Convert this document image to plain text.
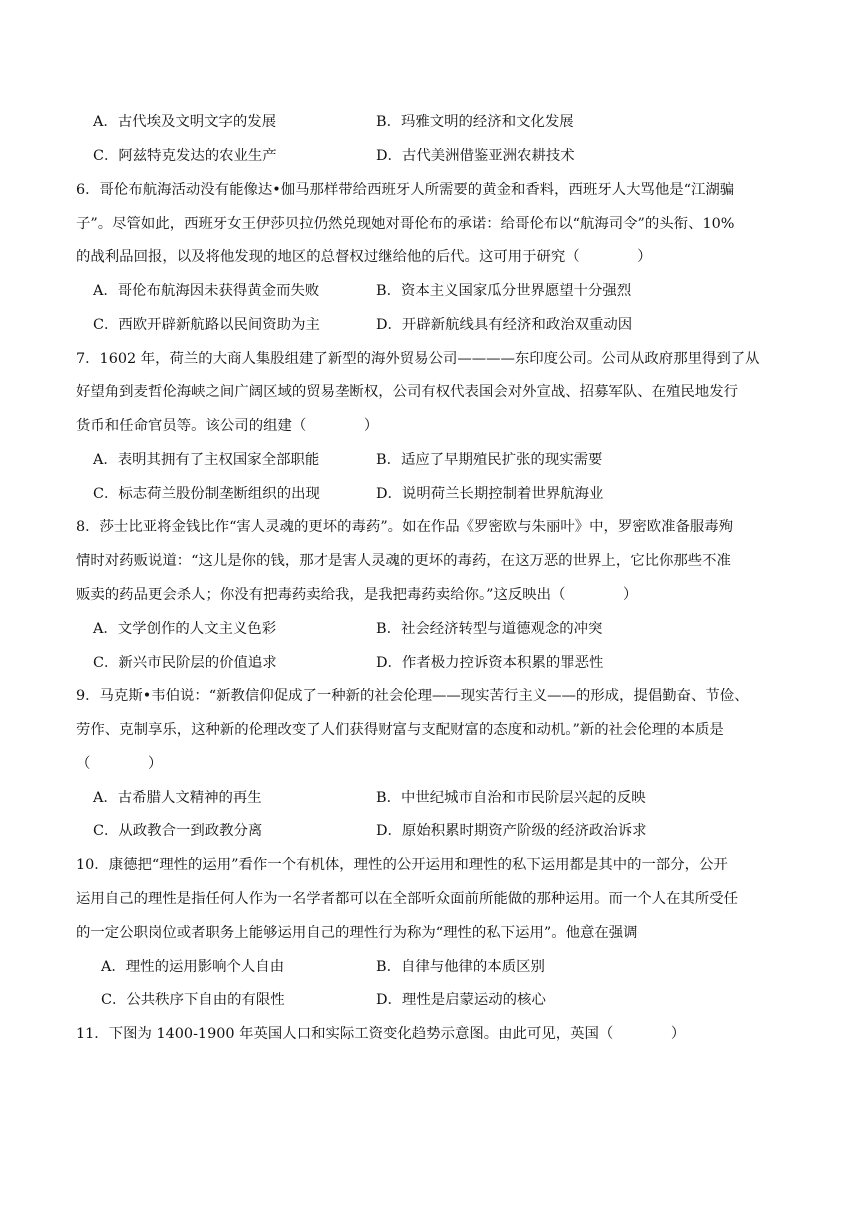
A．古代埃及文明文字的发展	B．玛雅文明的经济和文化发展
C．阿兹特克发达的农业生产	D．古代美洲借鉴亚洲农耕技术
6．哥伦布航海活动没有能像达•伽马那样带给西班牙人所需要的黄金和香料，西班牙人大骂他是“江湖骗
子”。尽管如此，西班牙女王伊莎贝拉仍然兑现她对哥伦布的承诺：给哥伦布以“航海司令”的头衔、10%
的战利品回报，以及将他发现的地区的总督权过继给他的后代。这可用于研究（　　　　）
A．哥伦布航海因未获得黄金而失败	B．资本主义国家瓜分世界愿望十分强烈
C．西欧开辟新航路以民间资助为主	D．开辟新航线具有经济和政治双重动因
7．1602 年，荷兰的大商人集股组建了新型的海外贸易公司————东印度公司。公司从政府那里得到了从
好望角到麦哲伦海峡之间广阔区域的贸易垄断权，公司有权代表国会对外宣战、招募军队、在殖民地发行
货币和任命官员等。该公司的组建（　　　　）
A．表明其拥有了主权国家全部职能	B．适应了早期殖民扩张的现实需要
C．标志荷兰股份制垄断组织的出现	D．说明荷兰长期控制着世界航海业
8．莎士比亚将金钱比作“害人灵魂的更坏的毒药”。如在作品《罗密欧与朱丽叶》中，罗密欧准备服毒殉
情时对药贩说道：“这儿是你的钱，那才是害人灵魂的更坏的毒药，在这万恶的世界上，它比你那些不准
贩卖的药品更会杀人；你没有把毒药卖给我，是我把毒药卖给你。”这反映出（　　　　）
A．文学创作的人文主义色彩	B．社会经济转型与道德观念的冲突
C．新兴市民阶层的价值追求	D．作者极力控诉资本积累的罪恶性
9．马克斯•韦伯说：“新教信仰促成了一种新的社会伦理——现实苦行主义——的形成，提倡勤奋、节俭、
劳作、克制享乐，这种新的伦理改变了人们获得财富与支配财富的态度和动机。”新的社会伦理的本质是
（　　　　）
A．古希腊人文精神的再生	B．中世纪城市自治和市民阶层兴起的反映
C．从政教合一到政教分离	D．原始积累时期资产阶级的经济政治诉求
10．康德把“理性的运用”看作一个有机体，理性的公开运用和理性的私下运用都是其中的一部分，公开
运用自己的理性是指任何人作为一名学者都可以在全部听众面前所能做的那种运用。而一个人在其所受任
的一定公职岗位或者职务上能够运用自己的理性行为称为“理性的私下运用”。他意在强调
A．理性的运用影响个人自由	B．自律与他律的本质区别
C．公共秩序下自由的有限性	D．理性是启蒙运动的核心
11．下图为 1400-1900 年英国人口和实际工资变化趋势示意图。由此可见，英国（　　　　）
